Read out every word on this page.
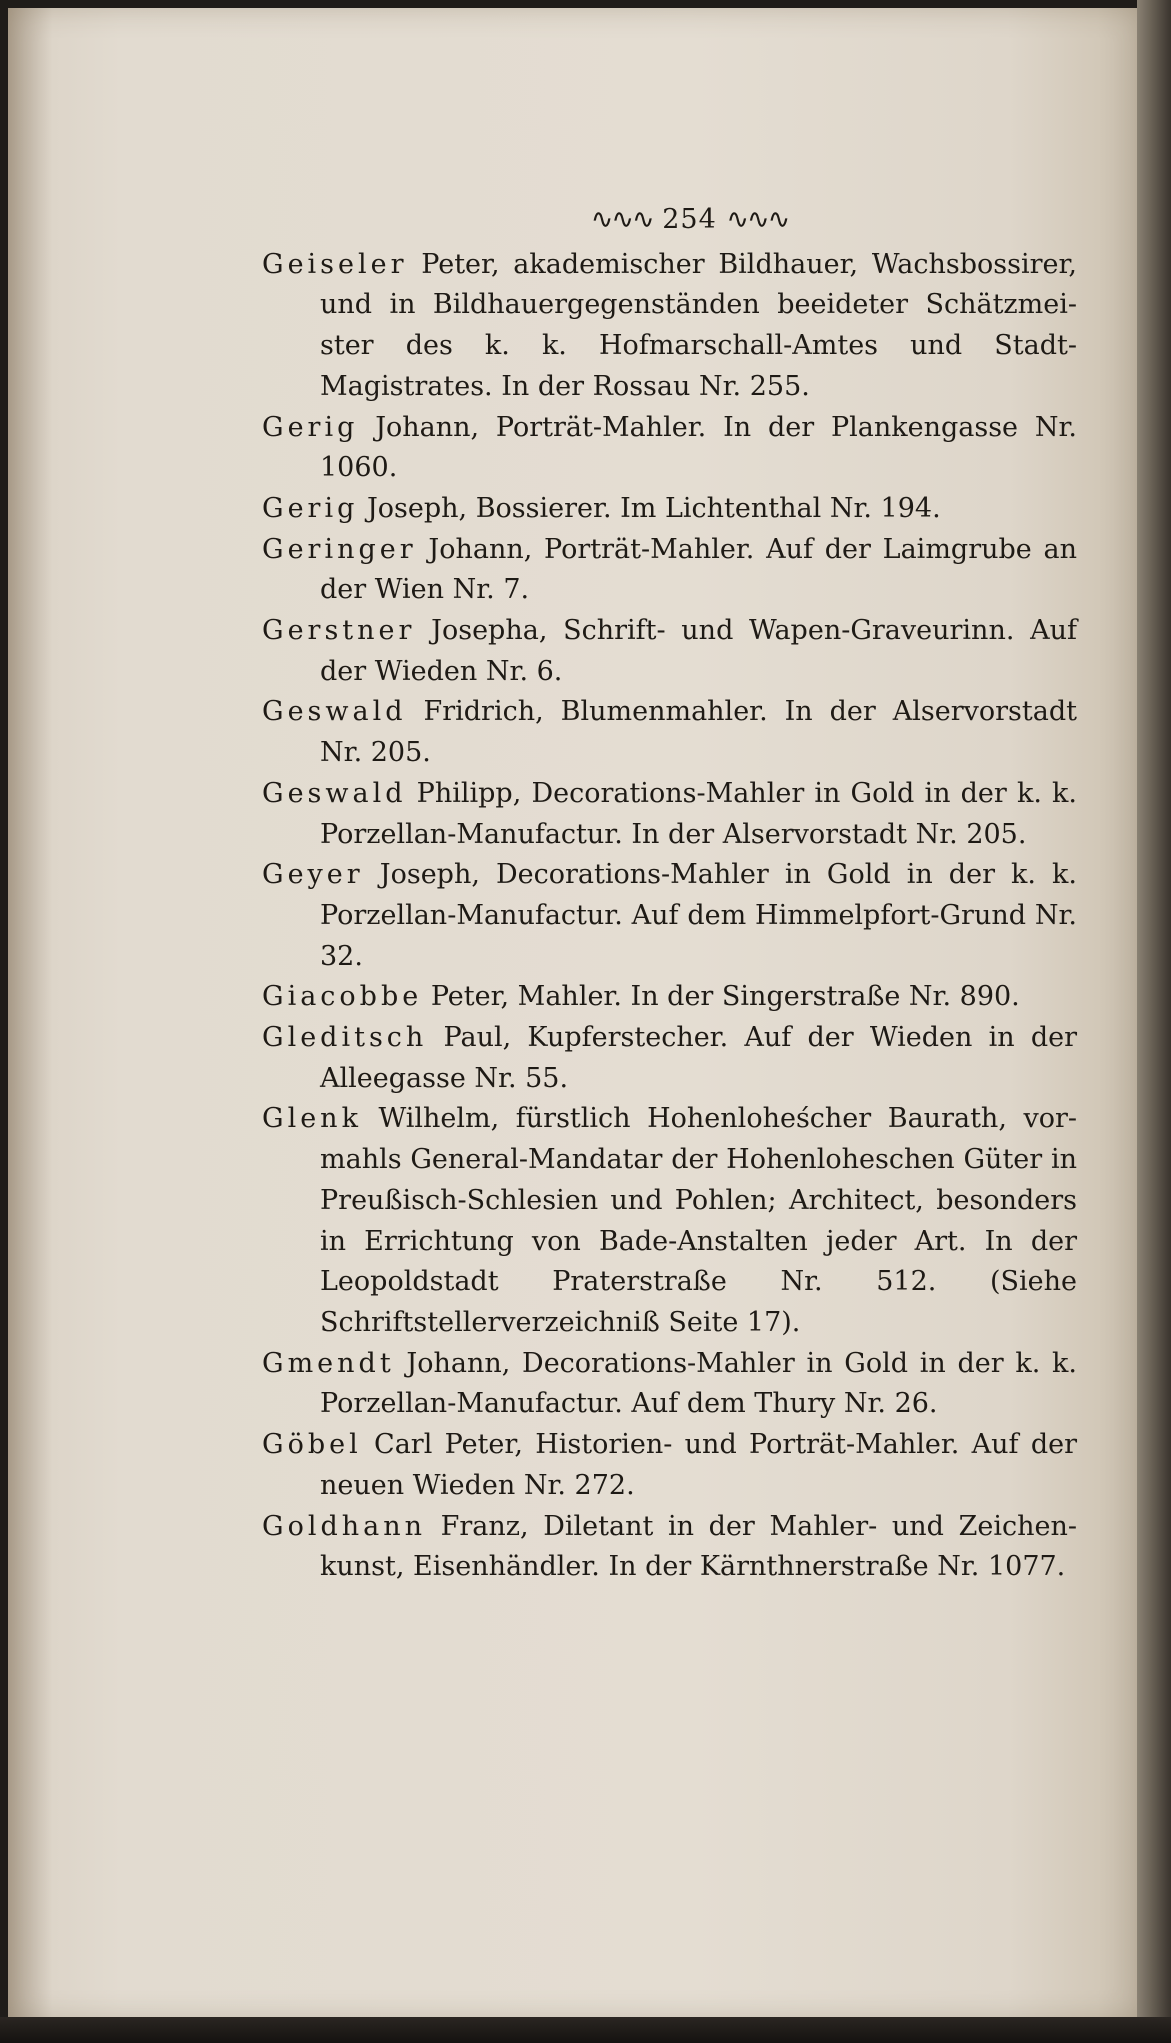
∿∿∿ 254 ∿∿∿
Geiseler Peter, akademischer Bildhauer, Wachsbossirer, und in Bildhauergegenständen beeideter Schätzmeister des k. k. Hofmarschall-Amtes und Stadt-Magistrates. In der Rossau Nr. 255.
Gerig Johann, Porträt-Mahler. In der Plankengasse Nr. 1060.
Gerig Joseph, Bossierer. Im Lichtenthal Nr. 194.
Geringer Johann, Porträt-Mahler. Auf der Laimgrube an der Wien Nr. 7.
Gerstner Josepha, Schrift- und Wapen-Graveurinn. Auf der Wieden Nr. 6.
Geswald Fridrich, Blumenmahler. In der Alservorstadt Nr. 205.
Geswald Philipp, Decorations-Mahler in Gold in der k. k. Porzellan-Manufactur. In der Alservorstadt Nr. 205.
Geyer Joseph, Decorations-Mahler in Gold in der k. k. Porzellan-Manufactur. Auf dem Himmelpfort-Grund Nr. 32.
Giacobbe Peter, Mahler. In der Singerstraße Nr. 890.
Gleditsch Paul, Kupferstecher. Auf der Wieden in der Alleegasse Nr. 55.
Glenk Wilhelm, fürstlich Hohenloheścher Baurath, vormahls General-Mandatar der Hohenloheschen Güter in Preußisch-Schlesien und Pohlen; Architect, besonders in Errichtung von Bade-Anstalten jeder Art. In der Leopoldstadt Praterstraße Nr. 512. (Siehe Schriftstellerverzeichniß Seite 17).
Gmendt Johann, Decorations-Mahler in Gold in der k. k. Porzellan-Manufactur. Auf dem Thury Nr. 26.
Göbel Carl Peter, Historien- und Porträt-Mahler. Auf der neuen Wieden Nr. 272.
Goldhann Franz, Diletant in der Mahler- und Zeichenkunst, Eisenhändler. In der Kärnthnerstraße Nr. 1077.
